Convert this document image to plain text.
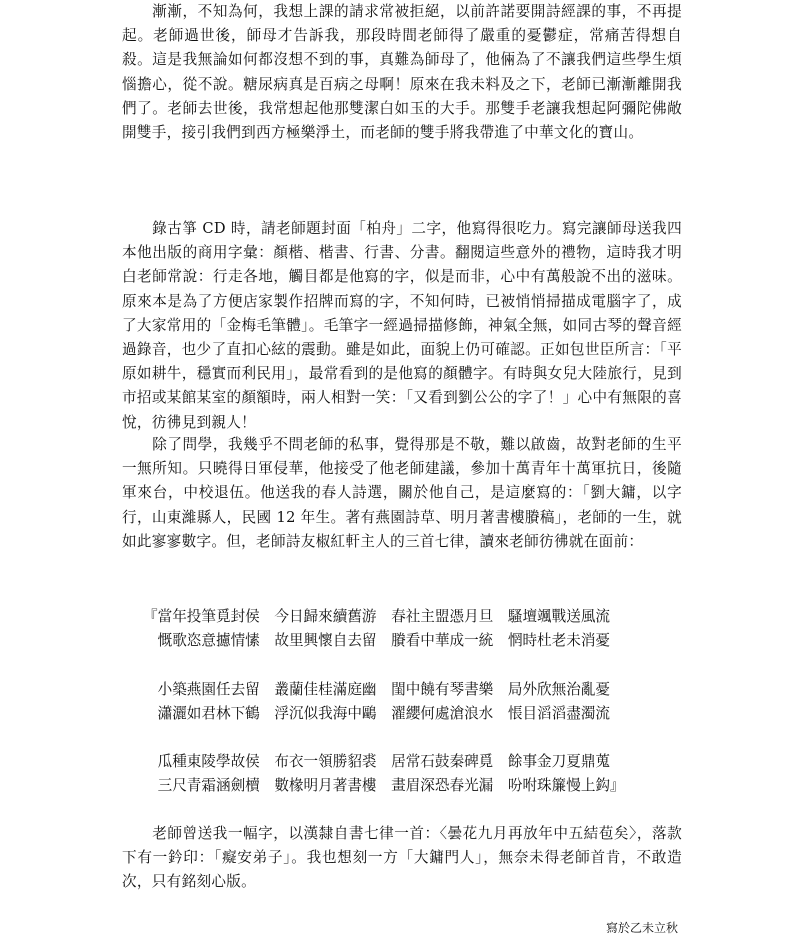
漸漸，不知為何，我想上課的請求常被拒絕，以前許諾要開詩經課的事，不再提起。老師過世後，師母才告訴我，那段時間老師得了嚴重的憂鬱症，常痛苦得想自殺。這是我無論如何都沒想不到的事，真難為師母了，他倆為了不讓我們這些學生煩惱擔心，從不說。糖尿病真是百病之母啊！原來在我未料及之下，老師已漸漸離開我們了。老師去世後，我常想起他那雙潔白如玉的大手。那雙手老讓我想起阿彌陀佛敞開雙手，接引我們到西方極樂淨土，而老師的雙手將我帶進了中華文化的寶山。

錄古箏 CD 時，請老師題封面「柏舟」二字，他寫得很吃力。寫完讓師母送我四本他出版的商用字彙：顏楷、楷書、行書、分書。翻閱這些意外的禮物，這時我才明白老師常說：行走各地，觸目都是他寫的字，似是而非，心中有萬般說不出的滋味。原來本是為了方便店家製作招牌而寫的字，不知何時，已被悄悄掃描成電腦字了，成了大家常用的「金梅毛筆體」。毛筆字一經過掃描修飾，神氣全無，如同古琴的聲音經過錄音，也少了直扣心絃的震動。雖是如此，面貌上仍可確認。正如包世臣所言：「平原如耕牛，穩實而利民用」，最常看到的是他寫的顏體字。有時與女兒大陸旅行，見到市招或某館某室的顏額時，兩人相對一笑：「又看到劉公公的字了！」心中有無限的喜悅，彷彿見到親人！

除了問學，我幾乎不問老師的私事，覺得那是不敬，難以啟齒，故對老師的生平一無所知。只曉得日軍侵華，他接受了他老師建議，參加十萬青年十萬軍抗日，後隨軍來台，中校退伍。他送我的春人詩選，關於他自己，是這麼寫的：「劉大鏞，以字行，山東濰縣人，民國 12 年生。著有燕園詩草、明月著書樓賸稿」，老師的一生，就如此寥寥數字。但，老師詩友椒紅軒主人的三首七律，讀來老師彷彿就在面前：

『當年投筆覓封侯　今日歸來續舊游　春社主盟憑月旦　騷壇颯戰送風流
　慨歌恣意攄情愫　故里興懷自去留　賸看中華成一統　惘時杜老未消憂
　小築燕園任去留　叢蘭佳桂滿庭幽　閨中饒有琴書樂　局外欣無治亂憂
　瀟灑如君林下鶴　浮沉似我海中鷗　濯纓何處滄浪水　悵目滔滔盡濁流
　瓜種東陵學故侯　布衣一領勝貂裘　居常石鼓秦碑覓　餘事金刀夏鼎蒐
　三尺青霜涵劍櫝　數椽明月著書樓　畫眉深恐春光漏　吩咐珠簾慢上鈎』

老師曾送我一幅字，以漢隸自書七律一首：〈曇花九月再放年中五結苞矣〉，落款下有一鈐印：「癡安弟子」。我也想刻一方「大鏞門人」，無奈未得老師首肯，不敢造次，只有銘刻心版。

寫於乙未立秋
